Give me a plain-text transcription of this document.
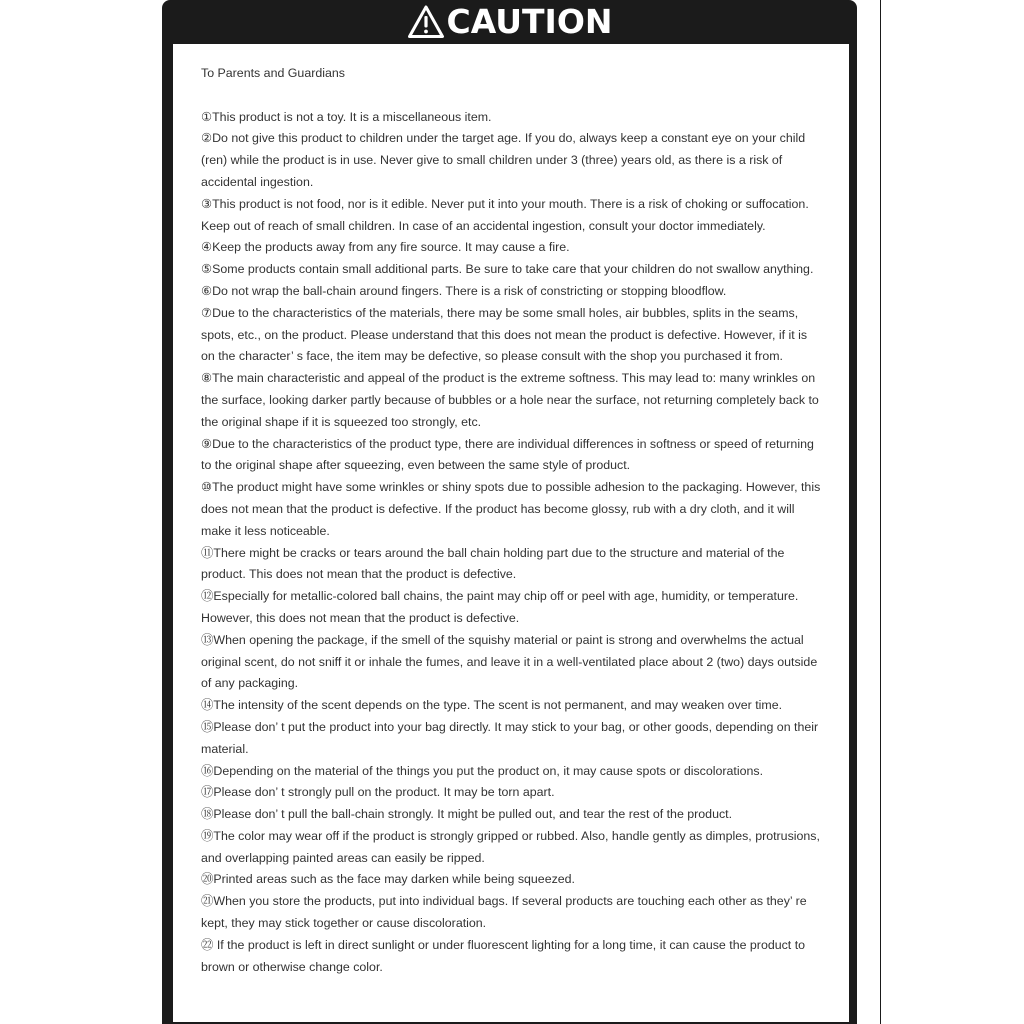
CAUTION
To Parents and Guardians
①This product is not a toy. It is a miscellaneous item.
②Do not give this product to children under the target age. If you do, always keep a constant eye on your child (ren) while the product is in use. Never give to small children under 3 (three) years old, as there is a risk of accidental ingestion.
③This product is not food, nor is it edible. Never put it into your mouth. There is a risk of choking or suffocation. Keep out of reach of small children. In case of an accidental ingestion, consult your doctor immediately.
④Keep the products away from any fire source. It may cause a fire.
⑤Some products contain small additional parts. Be sure to take care that your children do not swallow anything.
⑥Do not wrap the ball-chain around fingers. There is a risk of constricting or stopping bloodflow.
⑦Due to the characteristics of the materials, there may be some small holes, air bubbles, splits in the seams, spots, etc., on the product. Please understand that this does not mean the product is defective. However, if it is on the character’ s face, the item may be defective, so please consult with the shop you purchased it from.
⑧The main characteristic and appeal of the product is the extreme softness. This may lead to: many wrinkles on the surface, looking darker partly because of bubbles or a hole near the surface, not returning completely back to the original shape if it is squeezed too strongly, etc.
⑨Due to the characteristics of the product type, there are individual differences in softness or speed of returning to the original shape after squeezing, even between the same style of product.
⑩The product might have some wrinkles or shiny spots due to possible adhesion to the packaging. However, this does not mean that the product is defective. If the product has become glossy, rub with a dry cloth, and it will make it less noticeable.
⑪There might be cracks or tears around the ball chain holding part due to the structure and material of the product. This does not mean that the product is defective.
⑫Especially for metallic-colored ball chains, the paint may chip off or peel with age, humidity, or temperature. However, this does not mean that the product is defective.
⑬When opening the package, if the smell of the squishy material or paint is strong and overwhelms the actual original scent, do not sniff it or inhale the fumes, and leave it in a well-ventilated place about 2 (two) days outside of any packaging.
⑭The intensity of the scent depends on the type. The scent is not permanent, and may weaken over time.
⑮Please don’ t put the product into your bag directly. It may stick to your bag, or other goods, depending on their material.
⑯Depending on the material of the things you put the product on, it may cause spots or discolorations.
⑰Please don’ t strongly pull on the product. It may be torn apart.
⑱Please don’ t pull the ball-chain strongly. It might be pulled out, and tear the rest of the product.
⑲The color may wear off if the product is strongly gripped or rubbed. Also, handle gently as dimples, protrusions, and overlapping painted areas can easily be ripped.
⑳Printed areas such as the face may darken while being squeezed.
㉑When you store the products, put into individual bags. If several products are touching each other as they’ re kept, they may stick together or cause discoloration.
㉒ If the product is left in direct sunlight or under fluorescent lighting for a long time, it can cause the product to brown or otherwise change color.
